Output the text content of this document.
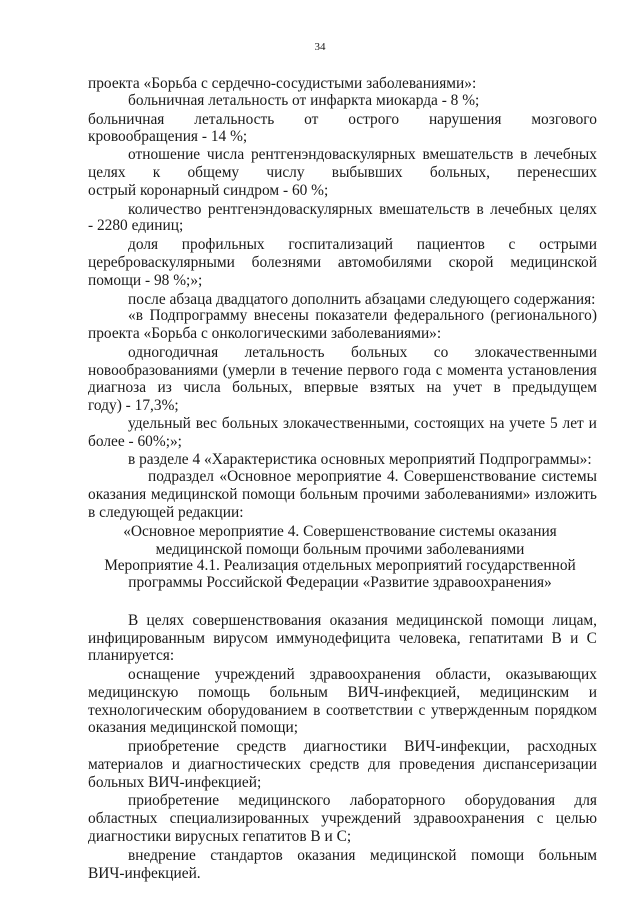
34
проекта «Борьба с сердечно-сосудистыми заболеваниями»:
больничная летальность от инфаркта миокарда - 8 %;
больничная летальность от острого нарушения мозгового
кровообращения - 14 %;
отношение числа рентгенэндоваскулярных вмешательств в лечебных
целях к общему числу выбывших больных, перенесших
острый коронарный синдром - 60 %;
количество рентгенэндоваскулярных вмешательств в лечебных целях
- 2280 единиц;
доля профильных госпитализаций пациентов с острыми
цереброваскулярными болезнями автомобилями скорой медицинской
помощи - 98 %;»;
после абзаца двадцатого дополнить абзацами следующего содержания:
«в Подпрограмму внесены показатели федерального (регионального)
проекта «Борьба с онкологическими заболеваниями»:
одногодичная летальность больных со злокачественными
новообразованиями (умерли в течение первого года с момента установления
диагноза из числа больных, впервые взятых на учет в предыдущем
году) - 17,3%;
удельный вес больных злокачественными, состоящих на учете 5 лет и
более - 60%;»;
в разделе 4 «Характеристика основных мероприятий Подпрограммы»:
подраздел «Основное мероприятие 4. Совершенствование системы
оказания медицинской помощи больным прочими заболеваниями» изложить
в следующей редакции:
«Основное мероприятие 4. Совершенствование системы оказания
медицинской помощи больным прочими заболеваниями
Мероприятие 4.1. Реализация отдельных мероприятий государственной
программы Российской Федерации «Развитие здравоохранения»
В целях совершенствования оказания медицинской помощи лицам,
инфицированным вирусом иммунодефицита человека, гепатитами В и С
планируется:
оснащение учреждений здравоохранения области, оказывающих
медицинскую помощь больным ВИЧ-инфекцией, медицинским и
технологическим оборудованием в соответствии с утвержденным порядком
оказания медицинской помощи;
приобретение средств диагностики ВИЧ-инфекции, расходных
материалов и диагностических средств для проведения диспансеризации
больных ВИЧ-инфекцией;
приобретение медицинского лабораторного оборудования для
областных специализированных учреждений здравоохранения с целью
диагностики вирусных гепатитов В и С;
внедрение стандартов оказания медицинской помощи больным
ВИЧ-инфекцией.
